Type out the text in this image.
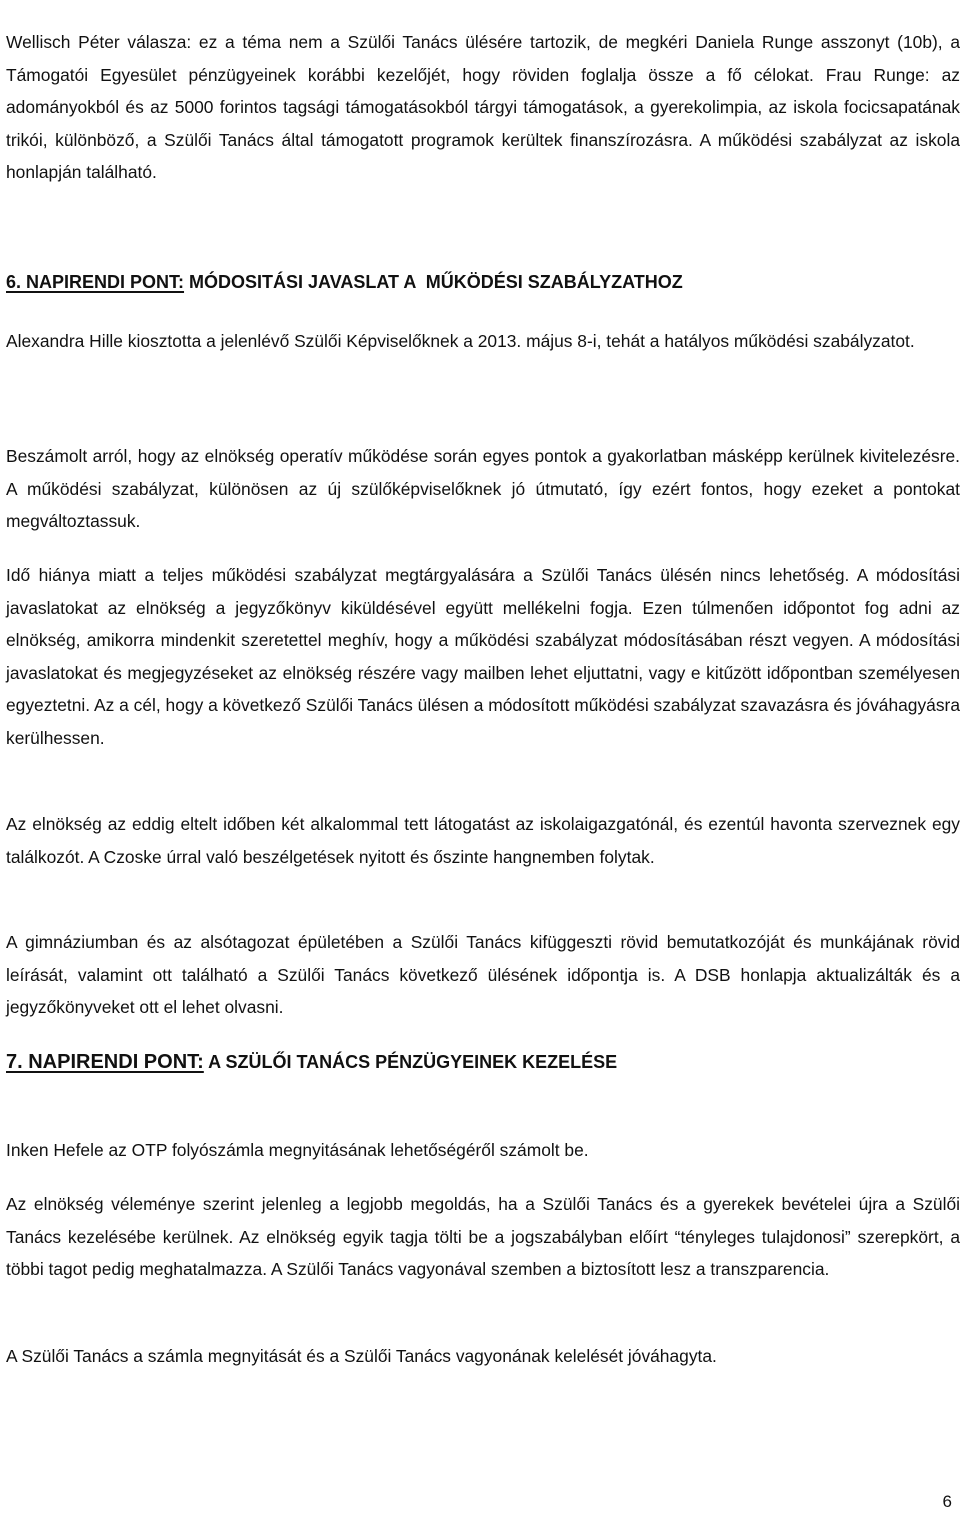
Wellisch Péter válasza: ez a téma nem a Szülői Tanács ülésére tartozik, de megkéri Daniela Runge asszonyt (10b), a Támogatói Egyesület pénzügyeinek korábbi kezelőjét, hogy röviden foglalja össze a fő célokat. Frau Runge: az adományokból és az 5000 forintos tagsági támogatásokból tárgyi támogatások, a gyerekolimpia, az iskola focicsapatának trikói, különböző, a Szülői Tanács által támogatott programok kerültek finanszírozásra. A működési szabályzat az iskola honlapján található.

6. NAPIRENDI PONT: MÓDOSITÁSI JAVASLAT A  MŰKÖDÉSI SZABÁLYZATHOZ

Alexandra Hille kiosztotta a jelenlévő Szülői Képviselőknek a 2013. május 8-i, tehát a hatályos működési szabályzatot.

Beszámolt arról, hogy az elnökség operatív működése során egyes pontok a gyakorlatban másképp kerülnek kivitelezésre. A működési szabályzat, különösen az új szülőképviselőknek jó útmutató, így ezért fontos, hogy ezeket a pontokat megváltoztassuk.

Idő hiánya miatt a teljes működési szabályzat megtárgyalására a Szülői Tanács ülésén nincs lehetőség. A módosítási javaslatokat az elnökség a jegyzőkönyv kiküldésével együtt mellékelni fogja. Ezen túlmenően időpontot fog adni az elnökség, amikorra mindenkit szeretettel meghív, hogy a működési szabályzat módosításában részt vegyen. A módosítási javaslatokat és megjegyzéseket az elnökség részére vagy mailben lehet eljuttatni, vagy e kitűzött időpontban személyesen egyeztetni. Az a cél, hogy a következő Szülői Tanács ülésen a módosított működési szabályzat szavazásra és jóváhagyásra kerülhessen.

Az elnökség az eddig eltelt időben két alkalommal tett látogatást az iskolaigazgatónál, és ezentúl havonta szerveznek egy találkozót. A Czoske úrral való beszélgetések nyitott és őszinte hangnemben folytak.

A gimnáziumban és az alsótagozat épületében a Szülői Tanács kifüggeszti rövid bemutatkozóját és munkájának rövid leírását, valamint ott található a Szülői Tanács következő ülésének időpontja is. A DSB honlapja aktualizálták és a jegyzőkönyveket ott el lehet olvasni.

7. NAPIRENDI PONT: A SZÜLŐI TANÁCS PÉNZÜGYEINEK KEZELÉSE

Inken Hefele az OTP folyószámla megnyitásának lehetőségéről számolt be.

Az elnökség véleménye szerint jelenleg a legjobb megoldás, ha a Szülői Tanács és a gyerekek bevételei újra a Szülői Tanács kezelésébe kerülnek. Az elnökség egyik tagja tölti be a jogszabályban előírt “tényleges tulajdonosi” szerepkört, a többi tagot pedig meghatalmazza. A Szülői Tanács vagyonával szemben a biztosított lesz a transzparencia.

A Szülői Tanács a számla megnyitását és a Szülői Tanács vagyonának kelelését jóváhagyta.

6
